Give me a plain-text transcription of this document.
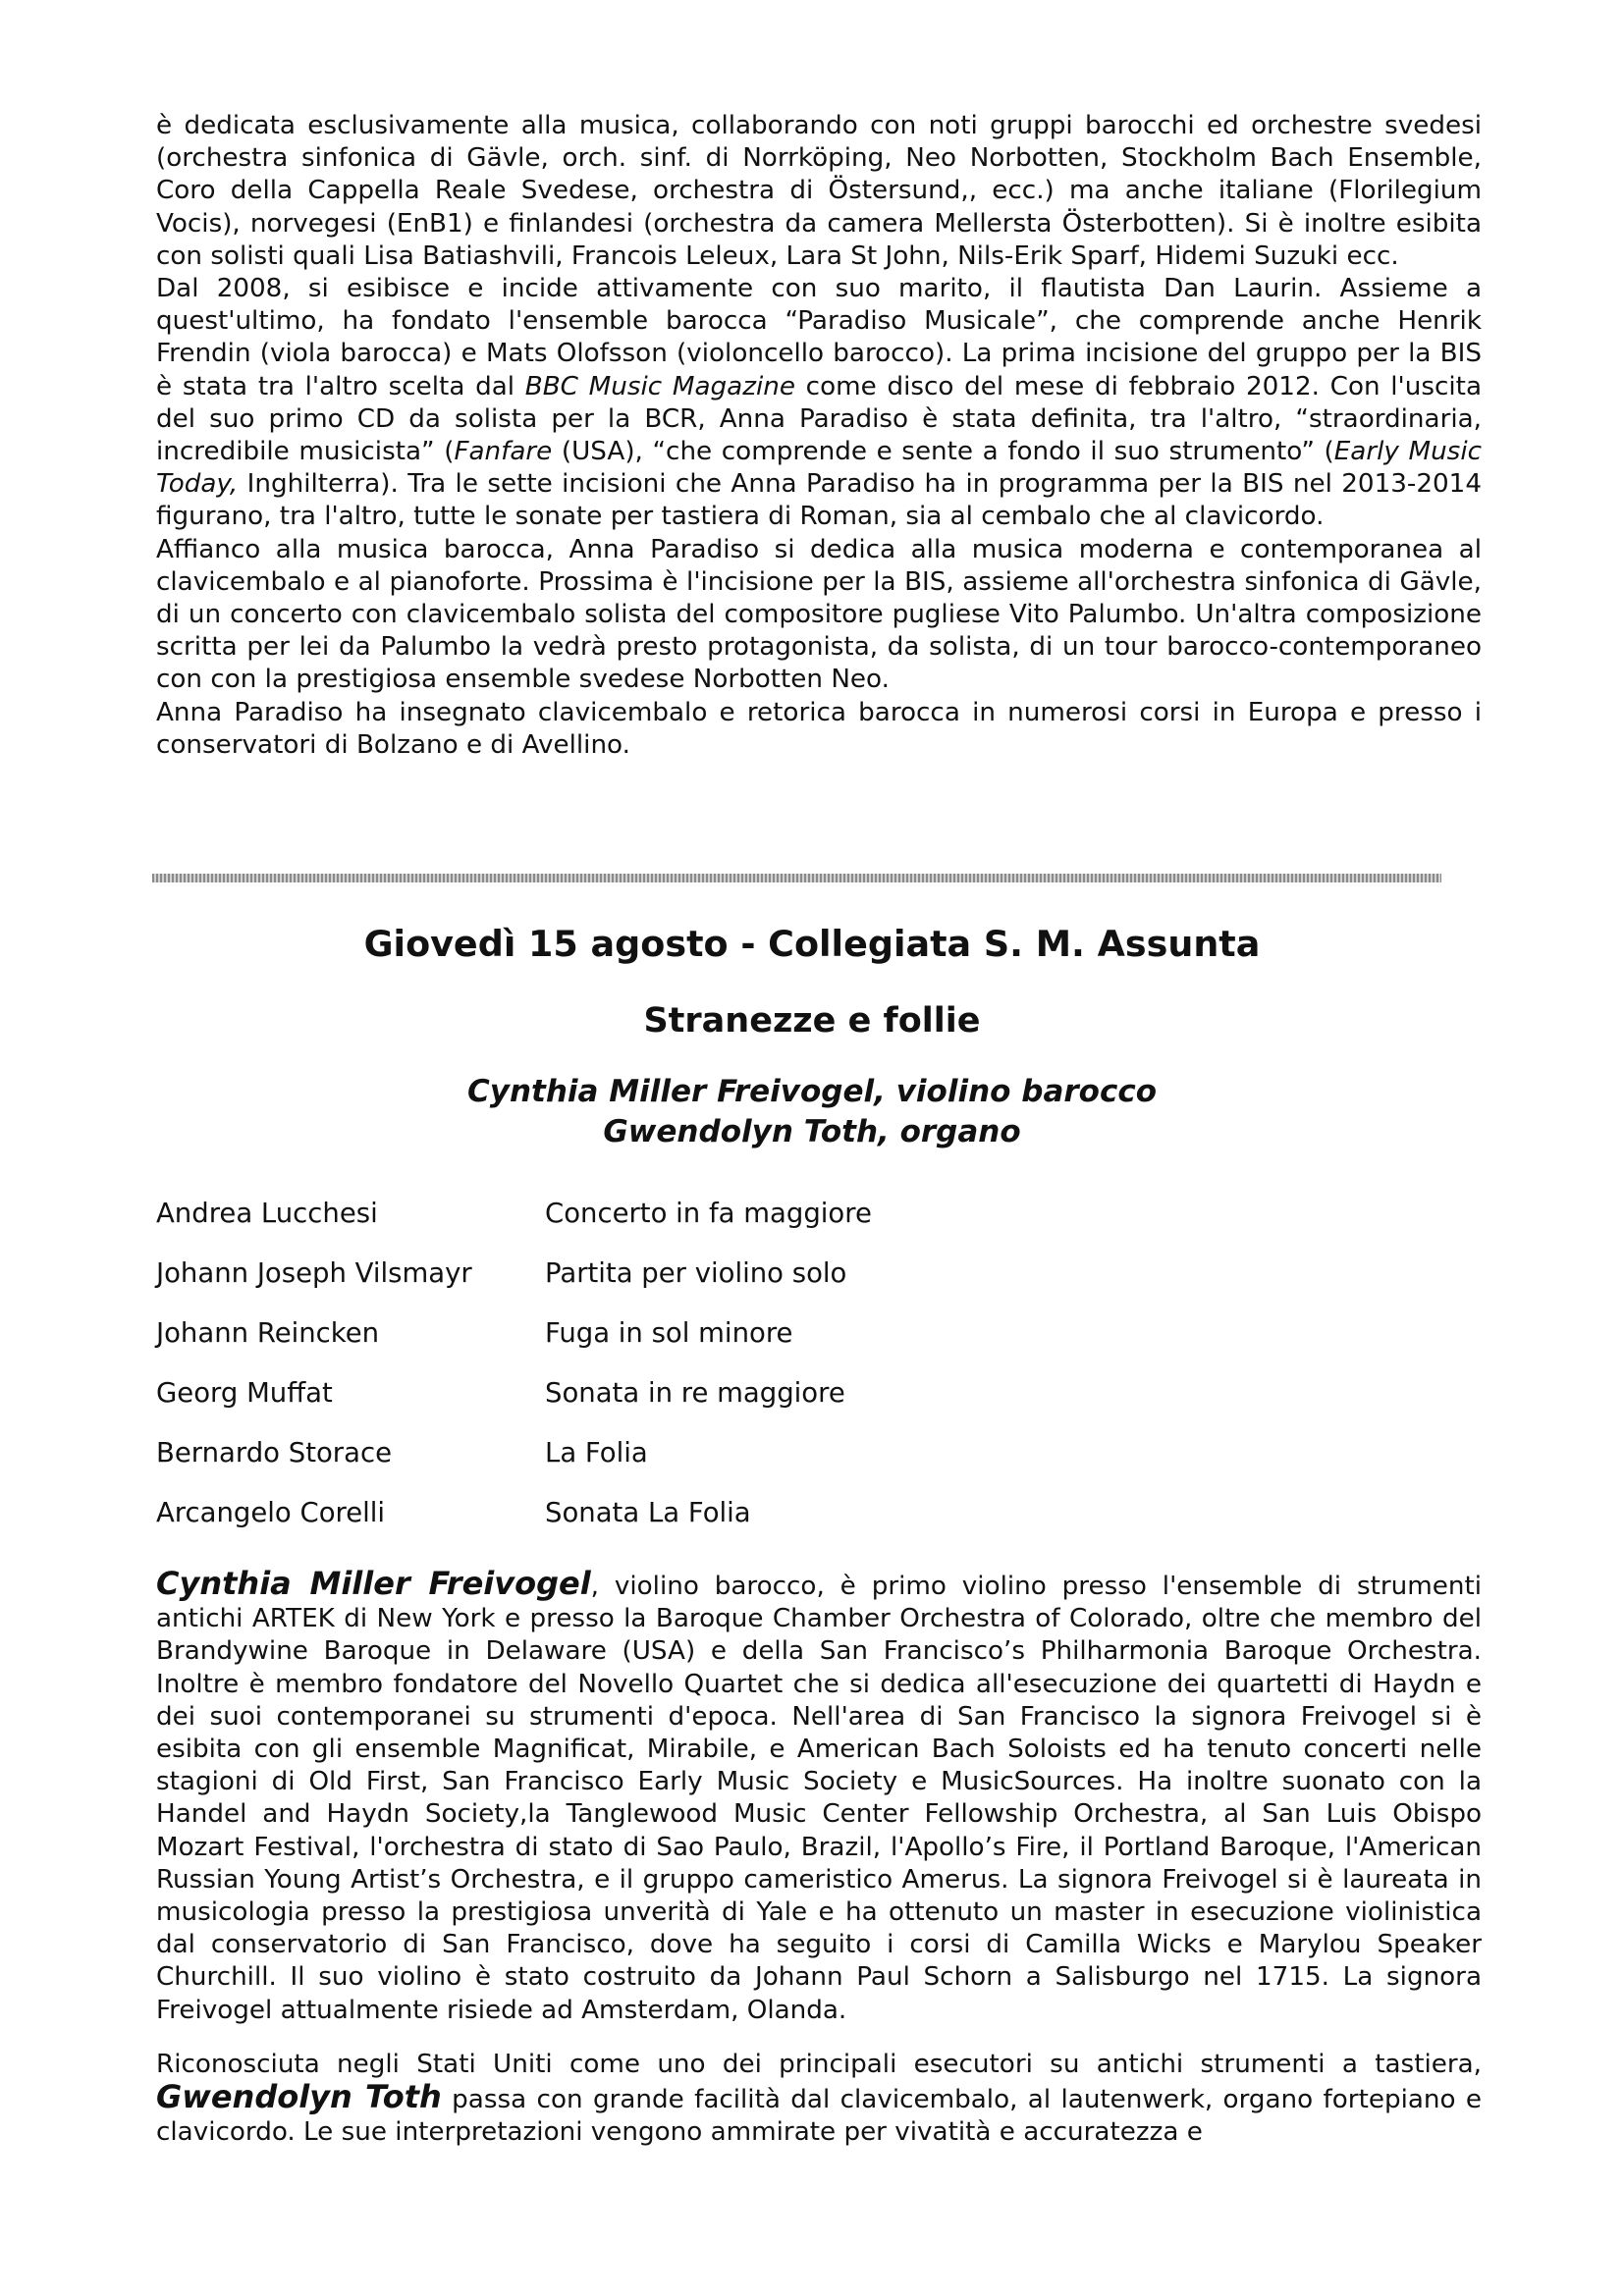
è dedicata esclusivamente alla musica, collaborando con noti gruppi barocchi ed orchestre svedesi (orchestra sinfonica di Gävle, orch. sinf. di Norrköping, Neo Norbotten, Stockholm Bach Ensemble, Coro della Cappella Reale Svedese, orchestra di Östersund,, ecc.) ma anche italiane (Florilegium Vocis), norvegesi (EnB1) e finlandesi (orchestra da camera Mellersta Österbotten). Si è inoltre esibita con solisti quali Lisa Batiashvili, Francois Leleux, Lara St John, Nils-Erik Sparf, Hidemi Suzuki ecc.

Dal 2008, si esibisce e incide attivamente con suo marito, il flautista Dan Laurin. Assieme a quest'ultimo, ha fondato l'ensemble barocca “Paradiso Musicale”, che comprende anche Henrik Frendin (viola barocca) e Mats Olofsson (violoncello barocco). La prima incisione del gruppo per la BIS è stata tra l'altro scelta dal BBC Music Magazine come disco del mese di febbraio 2012. Con l'uscita del suo primo CD da solista per la BCR, Anna Paradiso è stata definita, tra l'altro, “straordinaria, incredibile musicista” (Fanfare (USA), “che comprende e sente a fondo il suo strumento” (Early Music Today, Inghilterra). Tra le sette incisioni che Anna Paradiso ha in programma per la BIS nel 2013-2014 figurano, tra l'altro, tutte le sonate per tastiera di Roman, sia al cembalo che al clavicordo.

Affianco alla musica barocca, Anna Paradiso si dedica alla musica moderna e contemporanea al clavicembalo e al pianoforte. Prossima è l'incisione per la BIS, assieme all'orchestra sinfonica di Gävle, di un concerto con clavicembalo solista del compositore pugliese Vito Palumbo. Un'altra composizione scritta per lei da Palumbo la vedrà presto protagonista, da solista, di un tour barocco-contemporaneo con con la prestigiosa ensemble svedese Norbotten Neo.

Anna Paradiso ha insegnato clavicembalo e retorica barocca in numerosi corsi in Europa e presso i conservatori di Bolzano e di Avellino.

Giovedì 15 agosto - Collegiata S. M. Assunta
Stranezze e follie
Cynthia Miller Freivogel, violino barocco
Gwendolyn Toth, organo
Andrea Lucchesi	Concerto in fa maggiore
Johann Joseph Vilsmayr	Partita per violino solo
Johann Reincken	Fuga in sol minore
Georg Muffat	Sonata in re maggiore
Bernardo Storace	La Folia
Arcangelo Corelli	Sonata La Folia

Cynthia Miller Freivogel, violino barocco, è primo violino presso l'ensemble di strumenti antichi ARTEK di New York e presso la Baroque Chamber Orchestra of Colorado, oltre che membro del Brandywine Baroque in Delaware (USA) e della San Francisco’s Philharmonia Baroque Orchestra. Inoltre è membro fondatore del Novello Quartet che si dedica all'esecuzione dei quartetti di Haydn e dei suoi contemporanei su strumenti d'epoca. Nell'area di San Francisco la signora Freivogel si è esibita con gli ensemble Magnificat, Mirabile, e American Bach Soloists ed ha tenuto concerti nelle stagioni di Old First, San Francisco Early Music Society e MusicSources. Ha inoltre suonato con la Handel and Haydn Society,la Tanglewood Music Center Fellowship Orchestra, al San Luis Obispo Mozart Festival, l'orchestra di stato di Sao Paulo, Brazil, l'Apollo’s Fire, il Portland Baroque, l'American Russian Young Artist’s Orchestra, e il gruppo cameristico Amerus. La signora Freivogel si è laureata in musicologia presso la prestigiosa unverità di Yale e ha ottenuto un master in esecuzione violinistica dal conservatorio di San Francisco, dove ha seguito i corsi di Camilla Wicks e Marylou Speaker Churchill. Il suo violino è stato costruito da Johann Paul Schorn a Salisburgo nel 1715. La signora Freivogel attualmente risiede ad Amsterdam, Olanda.

Riconosciuta negli Stati Uniti come uno dei principali esecutori su antichi strumenti a tastiera, Gwendolyn Toth passa con grande facilità dal clavicembalo, al lautenwerk, organo fortepiano e clavicordo. Le sue interpretazioni vengono ammirate per vivatità e accuratezza e
